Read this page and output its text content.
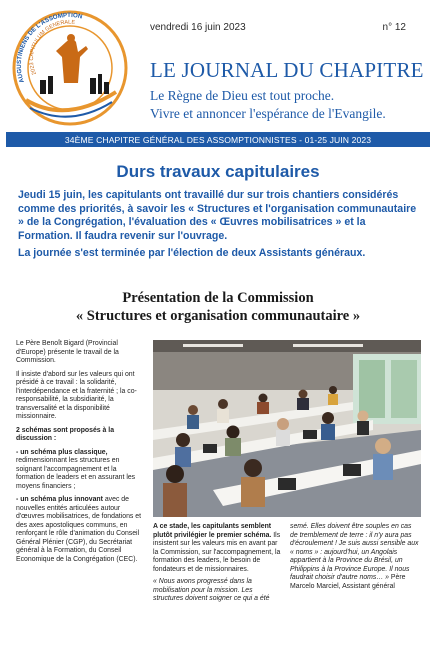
AUGUSTINIENS DE L'ASSOMPTION
2023 CAPITULUM GENERALE	vendredi 16 juin 2023	n° 12
LE JOURNAL DU CHAPITRE
Le Règne de Dieu est tout proche.
Vivre et annoncer l'espérance de l'Evangile.
34ÈME CHAPITRE GÉNÉRAL DES ASSOMPTIONNISTES - 01-25 JUIN 2023
Durs travaux capitulaires

Jeudi 15 juin, les capitulants ont travaillé dur sur trois chantiers considérés comme des priorités, à savoir les « Structures et l'organisation communautaire » de la Congrégation, l'évaluation des « Œuvres mobilisatrices » et la Formation. Il faudra revenir sur l'ouvrage.

La journée s'est terminée par l'élection de deux Assistants généraux.

Présentation de la Commission
« Structures et organisation communautaire »

Le Père Benoît Bigard (Provincial d'Europe) présente le travail de la Commission.

Il insiste d'abord sur les valeurs qui ont présidé à ce travail : la solidarité, l'interdépendance et la fraternité ; la co-responsabilité, la subsidiarité, la transversalité et la disponibilité missionnaire.

2 schémas sont proposés à la discussion :

- un schéma plus classique, redimensionnant les structures en soignant l'accompagnement et la formation de leaders et en assurant les moyens financiers ;

- un schéma plus innovant avec de nouvelles entités articulées autour d'œuvres mobilisatrices, de fondations et des axes apostoliques communs, en renforçant le rôle d'animation du Conseil Général Plénier (CGP), du Secrétariat général à la Formation, du Conseil Economique de la Congrégation (CEC).

A ce stade, les capitulants semblent plutôt privilégier le premier schéma. Ils insistent sur les valeurs mis en avant par la Commission, sur l'accompagnement, la formation des leaders, le besoin de fondateurs et de missionnaires.

« Nous avons progressé dans la mobilisation pour la mission. Les structures doivent soigner ce qui a été

semé. Elles doivent être souples en cas de tremblement de terre : il n'y aura pas d'écroulement ! Je suis aussi sensible aux « noms » : aujourd'hui, un Angolais appartient à la Province du Brésil, un Philippins à la Province Europe. Il nous faudrait choisir d'autre noms… » Père Marcelo Marciel, Assistant général
